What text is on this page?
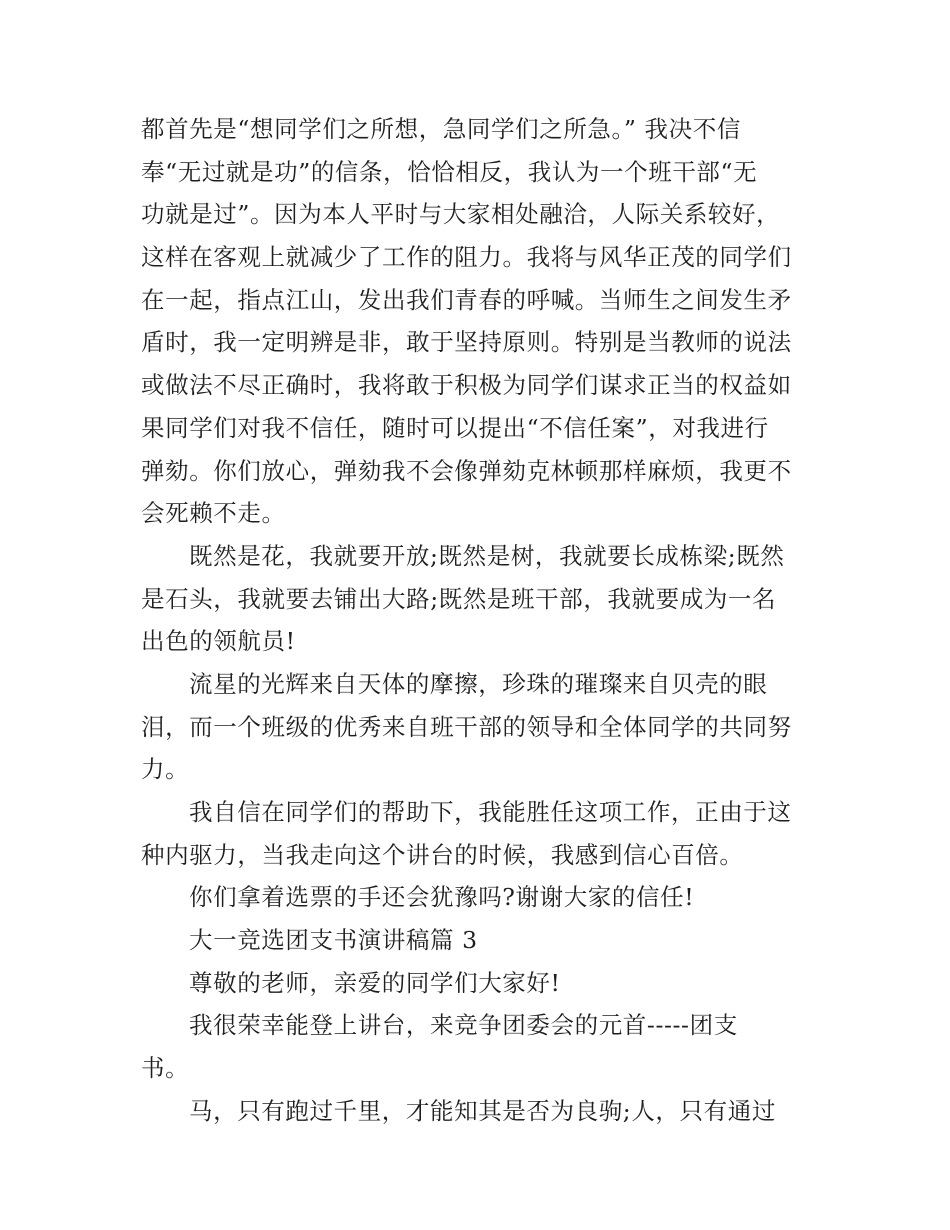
都首先是“想同学们之所想，急同学们之所急。” 我决不信
奉“无过就是功”的信条，恰恰相反，我认为一个班干部“无
功就是过”。因为本人平时与大家相处融洽，人际关系较好，
这样在客观上就减少了工作的阻力。我将与风华正茂的同学们
在一起，指点江山，发出我们青春的呼喊。当师生之间发生矛
盾时，我一定明辨是非，敢于坚持原则。特别是当教师的说法
或做法不尽正确时，我将敢于积极为同学们谋求正当的权益如
果同学们对我不信任，随时可以提出“不信任案”，对我进行
弹劾。你们放心，弹劾我不会像弹劾克林顿那样麻烦，我更不
会死赖不走。
既然是花，我就要开放;既然是树，我就要长成栋梁;既然
是石头，我就要去铺出大路;既然是班干部，我就要成为一名
出色的领航员!
流星的光辉来自天体的摩擦，珍珠的璀璨来自贝壳的眼
泪，而一个班级的优秀来自班干部的领导和全体同学的共同努
力。
我自信在同学们的帮助下，我能胜任这项工作，正由于这
种内驱力，当我走向这个讲台的时候，我感到信心百倍。
你们拿着选票的手还会犹豫吗?谢谢大家的信任!
大一竞选团支书演讲稿篇 3
尊敬的老师，亲爱的同学们大家好!
我很荣幸能登上讲台，来竞争团委会的元首-----团支
书。
马，只有跑过千里，才能知其是否为良驹;人，只有通过
